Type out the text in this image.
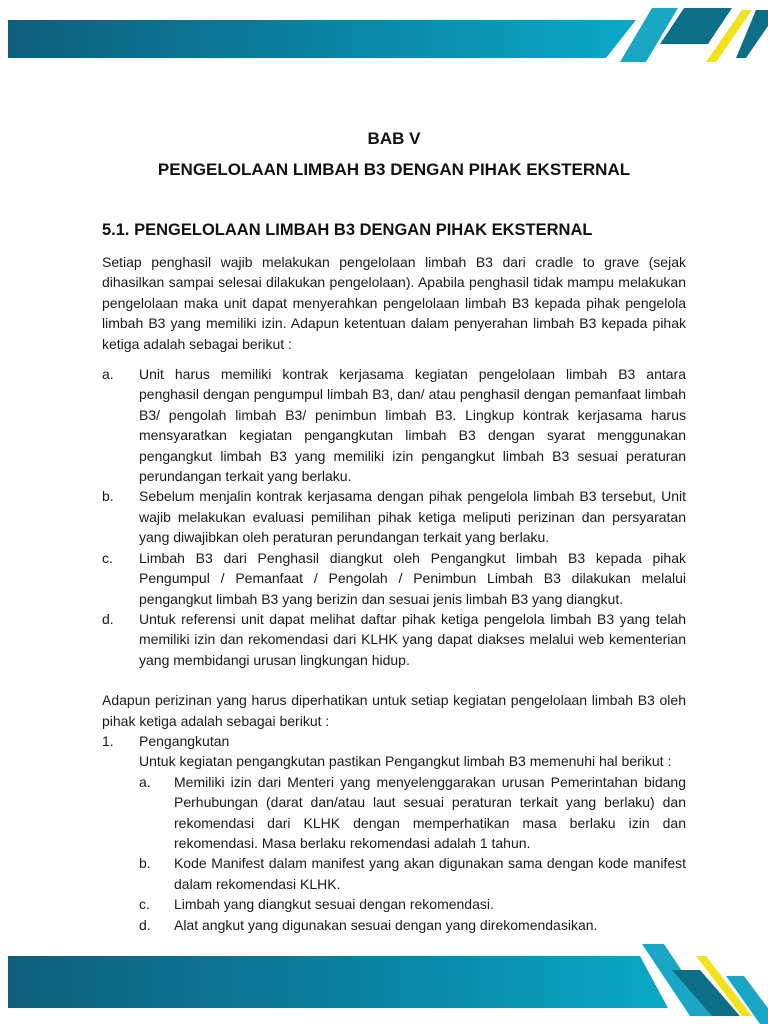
BAB V

PENGELOLAAN LIMBAH B3 DENGAN PIHAK EKSTERNAL

5.1. PENGELOLAAN LIMBAH B3 DENGAN PIHAK EKSTERNAL

Setiap penghasil wajib melakukan pengelolaan limbah B3 dari cradle to grave (sejak dihasilkan sampai selesai dilakukan pengelolaan). Apabila penghasil tidak mampu melakukan pengelolaan maka unit dapat menyerahkan pengelolaan limbah B3 kepada pihak pengelola limbah B3 yang memiliki izin. Adapun ketentuan dalam penyerahan limbah B3 kepada pihak ketiga adalah sebagai berikut :

a. Unit harus memiliki kontrak kerjasama kegiatan pengelolaan limbah B3 antara penghasil dengan pengumpul limbah B3, dan/ atau penghasil dengan pemanfaat limbah B3/ pengolah limbah B3/ penimbun limbah B3. Lingkup kontrak kerjasama harus mensyaratkan kegiatan pengangkutan limbah B3 dengan syarat menggunakan pengangkut limbah B3 yang memiliki izin pengangkut limbah B3 sesuai peraturan perundangan terkait yang berlaku.
b. Sebelum menjalin kontrak kerjasama dengan pihak pengelola limbah B3 tersebut, Unit wajib melakukan evaluasi pemilihan pihak ketiga meliputi perizinan dan persyaratan yang diwajibkan oleh peraturan perundangan terkait yang berlaku.
c. Limbah B3 dari Penghasil diangkut oleh Pengangkut limbah B3 kepada pihak Pengumpul / Pemanfaat / Pengolah / Penimbun Limbah B3 dilakukan melalui pengangkut limbah B3 yang berizin dan sesuai jenis limbah B3 yang diangkut.
d. Untuk referensi unit dapat melihat daftar pihak ketiga pengelola limbah B3 yang telah memiliki izin dan rekomendasi dari KLHK yang dapat diakses melalui web kementerian yang membidangi urusan lingkungan hidup.

Adapun perizinan yang harus diperhatikan untuk setiap kegiatan pengelolaan limbah B3 oleh pihak ketiga adalah sebagai berikut :

1. Pengangkutan
Untuk kegiatan pengangkutan pastikan Pengangkut limbah B3 memenuhi hal berikut :
a. Memiliki izin dari Menteri yang menyelenggarakan urusan Pemerintahan bidang Perhubungan (darat dan/atau laut sesuai peraturan terkait yang berlaku) dan rekomendasi dari KLHK dengan memperhatikan masa berlaku izin dan rekomendasi. Masa berlaku rekomendasi adalah 1 tahun.
b. Kode Manifest dalam manifest yang akan digunakan sama dengan kode manifest dalam rekomendasi KLHK.
c. Limbah yang diangkut sesuai dengan rekomendasi.
d. Alat angkut yang digunakan sesuai dengan yang direkomendasikan.
